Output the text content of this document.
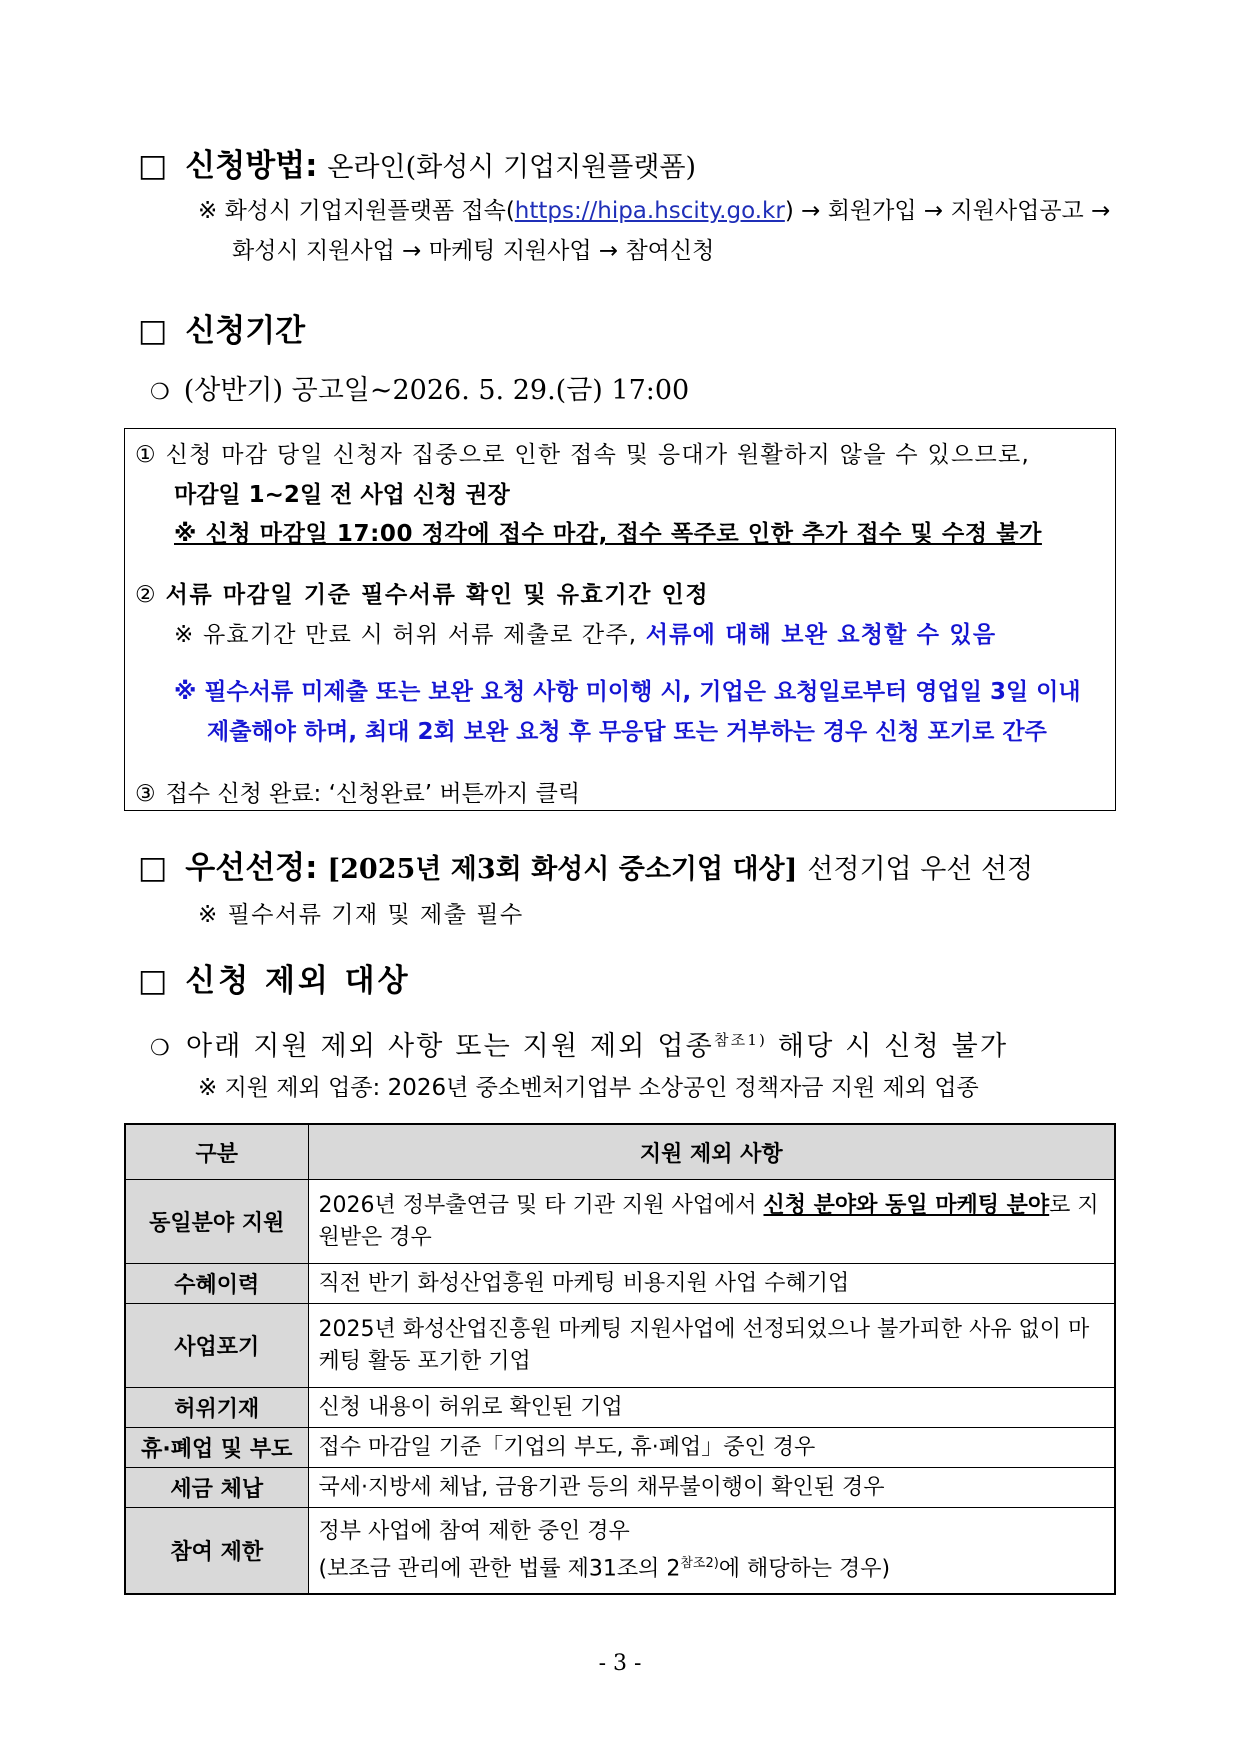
□ 신청방법: 온라인(화성시 기업지원플랫폼)
※ 화성시 기업지원플랫폼 접속(https://hipa.hscity.go.kr) → 회원가입 → 지원사업공고 →
화성시 지원사업 → 마케팅 지원사업 → 참여신청
□ 신청기간
❍ (상반기) 공고일~2026. 5. 29.(금) 17:00
① 신청 마감 당일 신청자 집중으로 인한 접속 및 응대가 원활하지 않을 수 있으므로,
마감일 1~2일 전 사업 신청 권장
※ 신청 마감일 17:00 정각에 접수 마감, 접수 폭주로 인한 추가 접수 및 수정 불가
② 서류 마감일 기준 필수서류 확인 및 유효기간 인정
※ 유효기간 만료 시 허위 서류 제출로 간주, 서류에 대해 보완 요청할 수 있음
※ 필수서류 미제출 또는 보완 요청 사항 미이행 시, 기업은 요청일로부터 영업일 3일 이내
제출해야 하며, 최대 2회 보완 요청 후 무응답 또는 거부하는 경우 신청 포기로 간주
③ 접수 신청 완료: ‘신청완료’ 버튼까지 클릭
□ 우선선정: [2025년 제3회 화성시 중소기업 대상] 선정기업 우선 선정
※ 필수서류 기재 및 제출 필수
□ 신청 제외 대상
❍ 아래 지원 제외 사항 또는 지원 제외 업종$^{참조1)}$ 해당 시 신청 불가
※ 지원 제외 업종: 2026년 중소벤처기업부 소상공인 정책자금 지원 제외 업종
구분	지원 제외 사항
동일분야 지원	2026년 정부출연금 및 타 기관 지원 사업에서 신청 분야와 동일 마케팅 분야로 지원받은 경우
수혜이력	직전 반기 화성산업흥원 마케팅 비용지원 사업 수혜기업
사업포기	2025년 화성산업진흥원 마케팅 지원사업에 선정되었으나 불가피한 사유 없이 마케팅 활동 포기한 기업
허위기재	신청 내용이 허위로 확인된 기업
휴·폐업 및 부도	접수 마감일 기준「기업의 부도, 휴·폐업」중인 경우
세금 체납	국세·지방세 체납, 금융기관 등의 채무불이행이 확인된 경우
참여 제한	정부 사업에 참여 제한 중인 경우
(보조금 관리에 관한 법률 제31조의 $2^{참조2)}$에 해당하는 경우)
- 3 -
